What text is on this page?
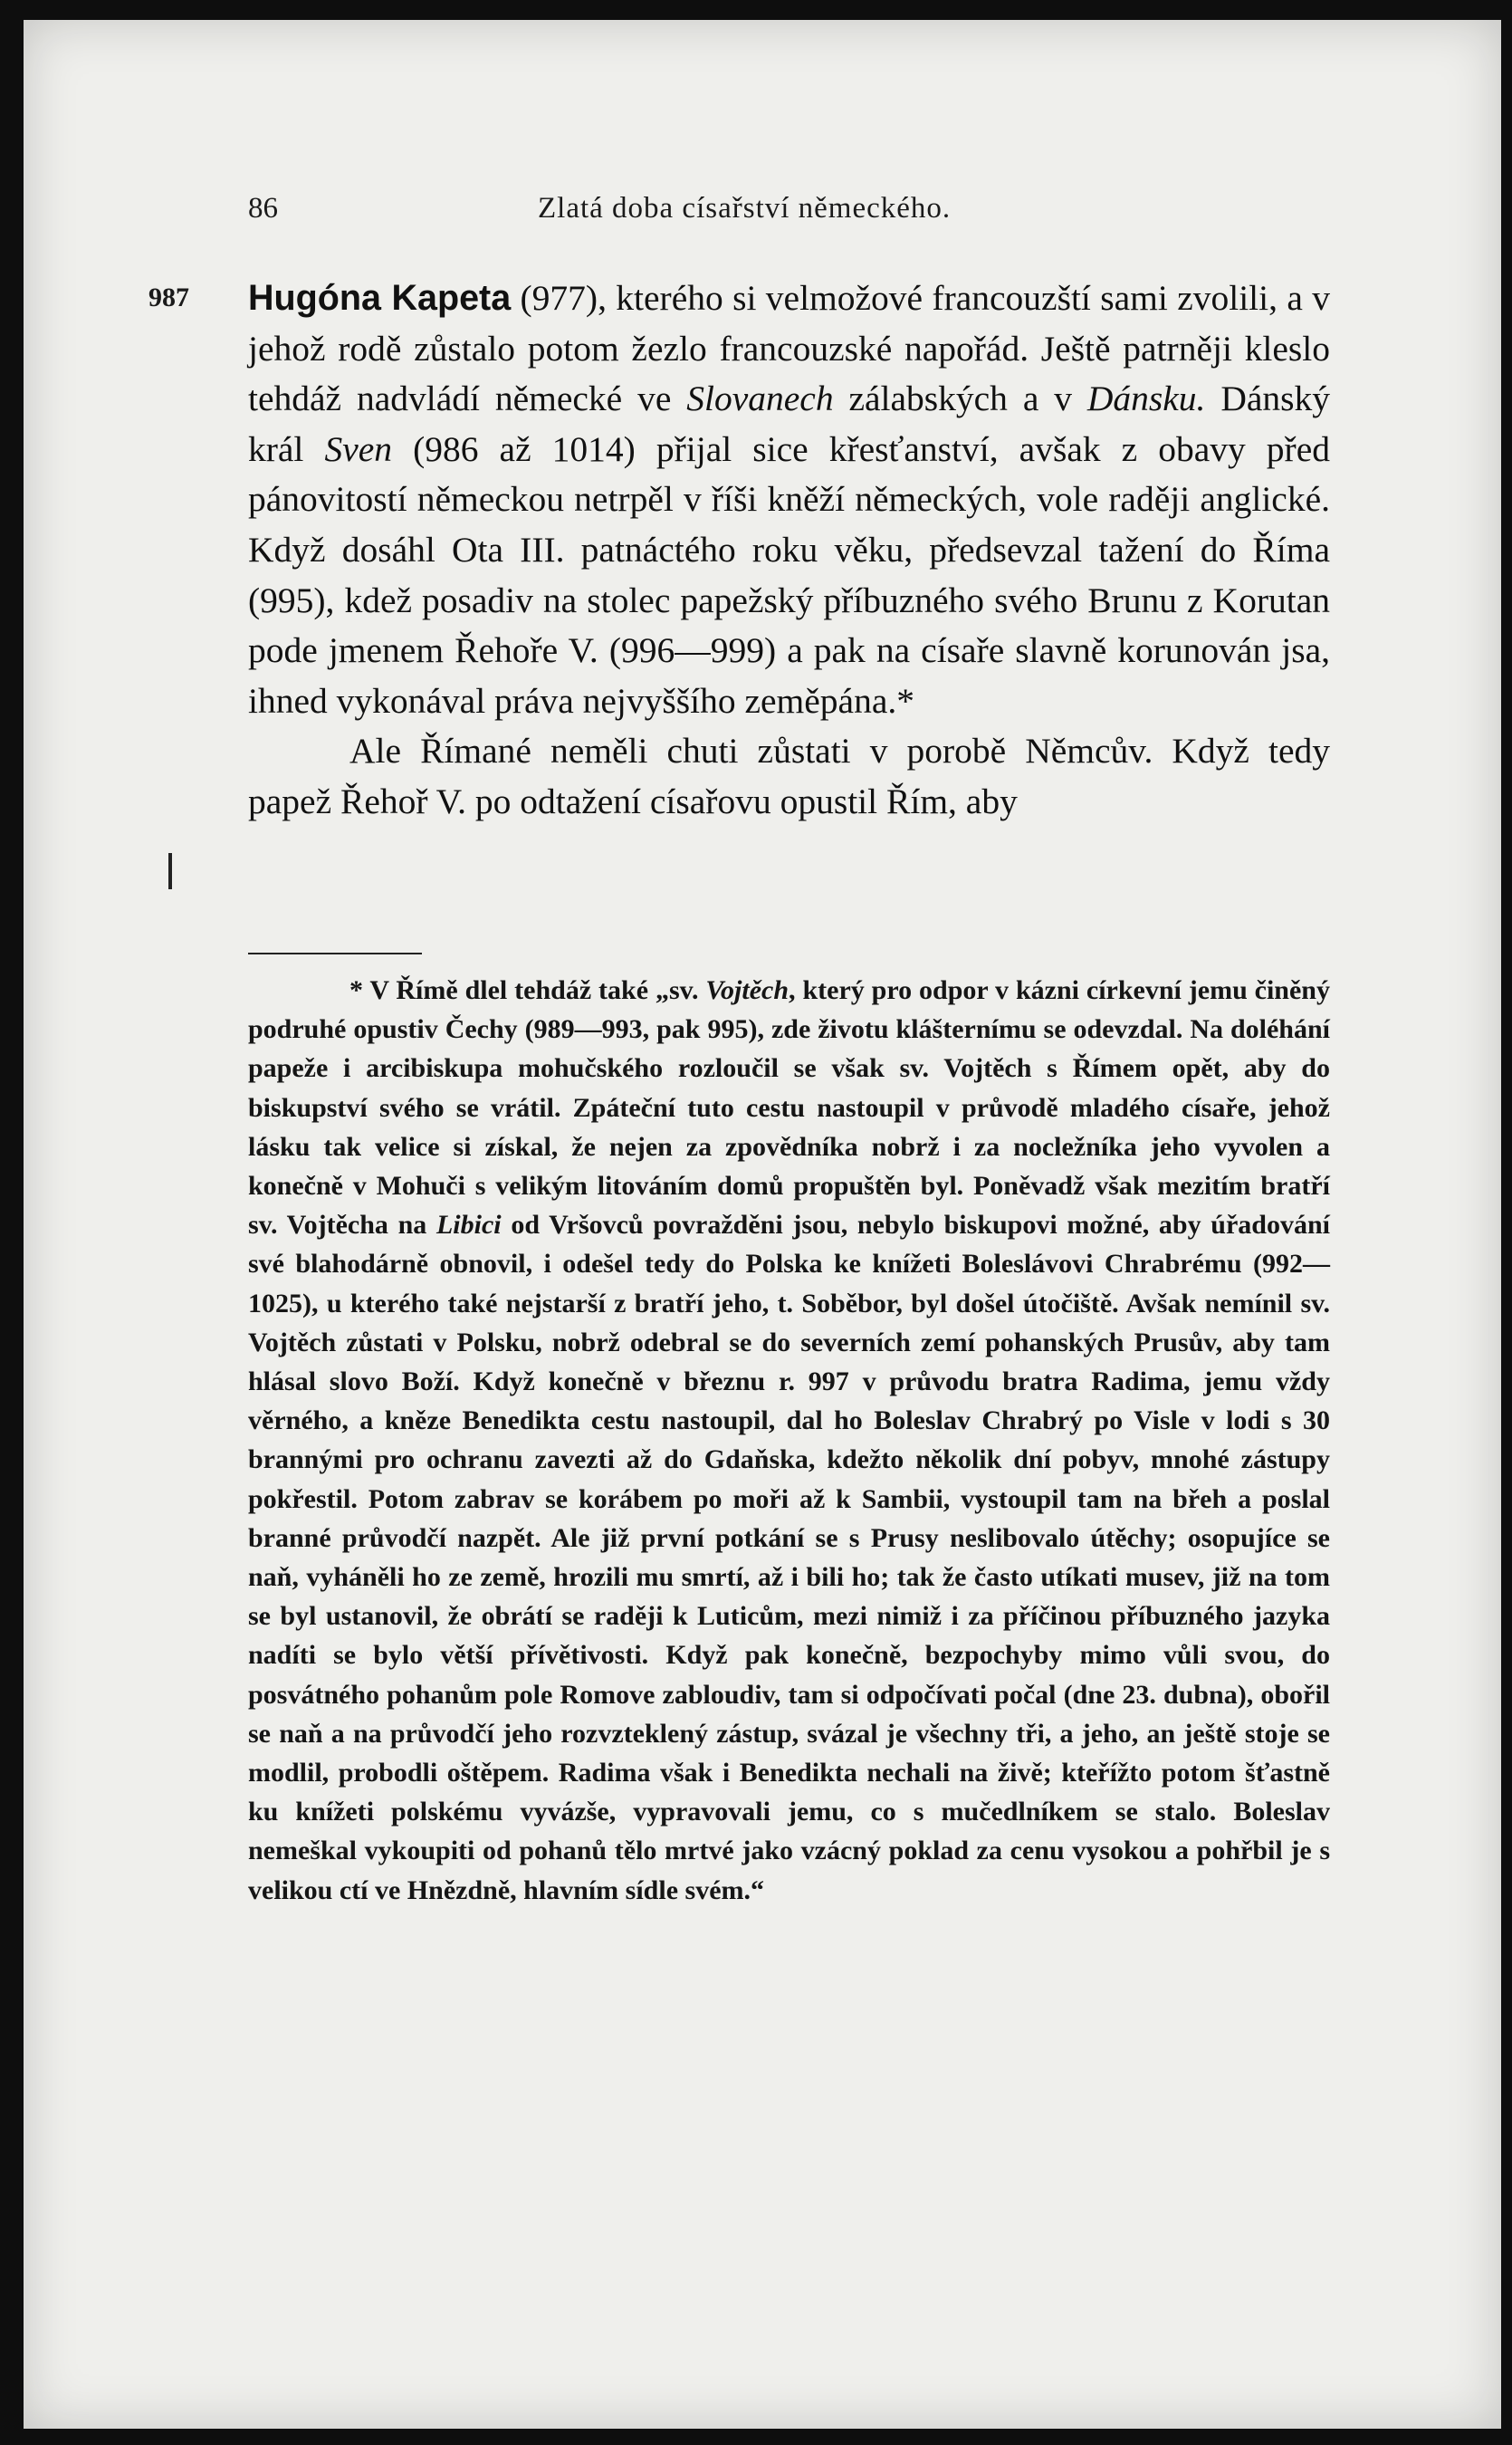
86	Zlatá doba císařství německého.
987 Hugóna Kapeta (977), kterého si velmožové francouzští sami zvolili, a v jehož rodě zůstalo potom žezlo francouzské napořád. Ještě patrněji kleslo tehdáž nadvládí německé ve Slovanech zálabských a v Dánsku. Dánský král Sven (986 až 1014) přijal sice křesťanství, avšak z obavy před pánovitostí německou netrpěl v říši kněží německých, vole raději anglické. Když dosáhl Ota III. patnáctého roku věku, předsevzal tažení do Říma (995), kdež posadiv na stolec papežský příbuzného svého Brunu z Korutan pode jmenem Řehoře V. (996—999) a pak na císaře slavně korunován jsa, ihned vykonával práva nejvyššího zeměpána.*

Ale Římané neměli chuti zůstati v porobě Němcův. Když tedy papež Řehoř V. po odtažení císařovu opustil Řím, aby

* V Římě dlel tehdáž také „sv. Vojtěch, který pro odpor v kázni církevní jemu činěný podruhé opustiv Čechy (989—993, pak 995), zde životu klášternímu se odevzdal. Na doléhání papeže i arcibiskupa mohučského rozloučil se však sv. Vojtěch s Římem opět, aby do biskupství svého se vrátil. Zpáteční tuto cestu nastoupil v průvodě mladého císaře, jehož lásku tak velice si získal, že nejen za zpovědníka nobrž i za nocležníka jeho vyvolen a konečně v Mohuči s velikým litováním domů propuštěn byl. Poněvadž však mezitím bratří sv. Vojtěcha na Libici od Vršovců povražděni jsou, nebylo biskupovi možné, aby úřadování své blahodárně obnovil, i odešel tedy do Polska ke knížeti Boleslávovi Chrabrému (992—1025), u kterého také nejstarší z bratří jeho, t. Soběbor, byl došel útočiště. Avšak nemínil sv. Vojtěch zůstati v Polsku, nobrž odebral se do severních zemí pohanských Prusův, aby tam hlásal slovo Boží. Když konečně v březnu r. 997 v průvodu bratra Radima, jemu vždy věrného, a kněze Benedikta cestu nastoupil, dal ho Boleslav Chrabrý po Visle v lodi s 30 brannými pro ochranu zavezti až do Gdaňska, kdežto několik dní pobyv, mnohé zástupy pokřestil. Potom zabrav se korábem po moři až k Sambii, vystoupil tam na břeh a poslal branné průvodčí nazpět. Ale již první potkání se s Prusy neslibovalo útěchy; osopujíce se naň, vyháněli ho ze země, hrozili mu smrtí, až i bili ho; tak že často utíkati musev, již na tom se byl ustanovil, že obrátí se raději k Luticům, mezi nimiž i za příčinou příbuzného jazyka nadíti se bylo větší přívětivosti. Když pak konečně, bezpochyby mimo vůli svou, do posvátného pohanům pole Romove zabloudiv, tam si odpočívati počal (dne 23. dubna), obořil se naň a na průvodčí jeho rozvzteklený zástup, svázal je všechny tři, a jeho, an ještě stoje se modlil, probodli oštěpem. Radima však i Benedikta nechali na živě; kteřížto potom šťastně ku knížeti polskému vyvázše, vypravovali jemu, co s mučedlníkem se stalo. Boleslav nemeškal vykoupiti od pohanů tělo mrtvé jako vzácný poklad za cenu vysokou a pohřbil je s velikou ctí ve Hnězdně, hlavním sídle svém.“
